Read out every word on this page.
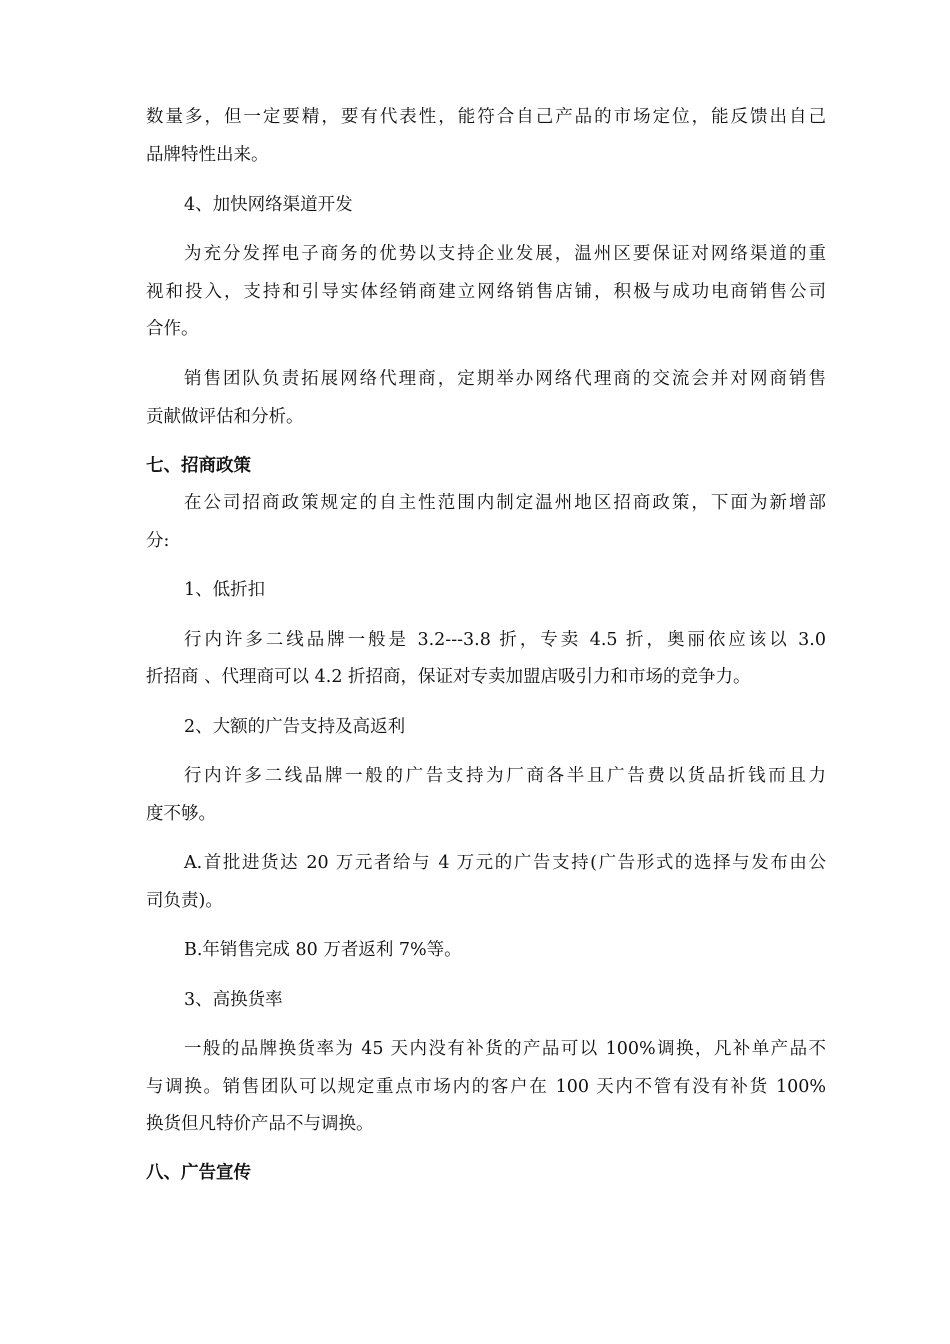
数量多，但一定要精，要有代表性，能符合自己产品的市场定位，能反馈出自己
品牌特性出来。
4、加快网络渠道开发
为充分发挥电子商务的优势以支持企业发展，温州区要保证对网络渠道的重
视和投入，支持和引导实体经销商建立网络销售店铺，积极与成功电商销售公司
合作。
销售团队负责拓展网络代理商，定期举办网络代理商的交流会并对网商销售
贡献做评估和分析。
七、招商政策
在公司招商政策规定的自主性范围内制定温州地区招商政策，下面为新增部
分:
1、低折扣
行内许多二线品牌一般是 3.2---3.8 折，专卖 4.5 折，奥丽依应该以 3.0
折招商 、代理商可以 4.2 折招商，保证对专卖加盟店吸引力和市场的竞争力。
2、大额的广告支持及高返利
行内许多二线品牌一般的广告支持为厂商各半且广告费以货品折钱而且力
度不够。
A.首批进货达 20 万元者给与 4 万元的广告支持(广告形式的选择与发布由公
司负责)。
B.年销售完成 80 万者返利 7%等。
3、高换货率
一般的品牌换货率为 45 天内没有补货的产品可以 100%调换，凡补单产品不
与调换。销售团队可以规定重点市场内的客户在 100 天内不管有没有补货 100%
换货但凡特价产品不与调换。
八、广告宣传
